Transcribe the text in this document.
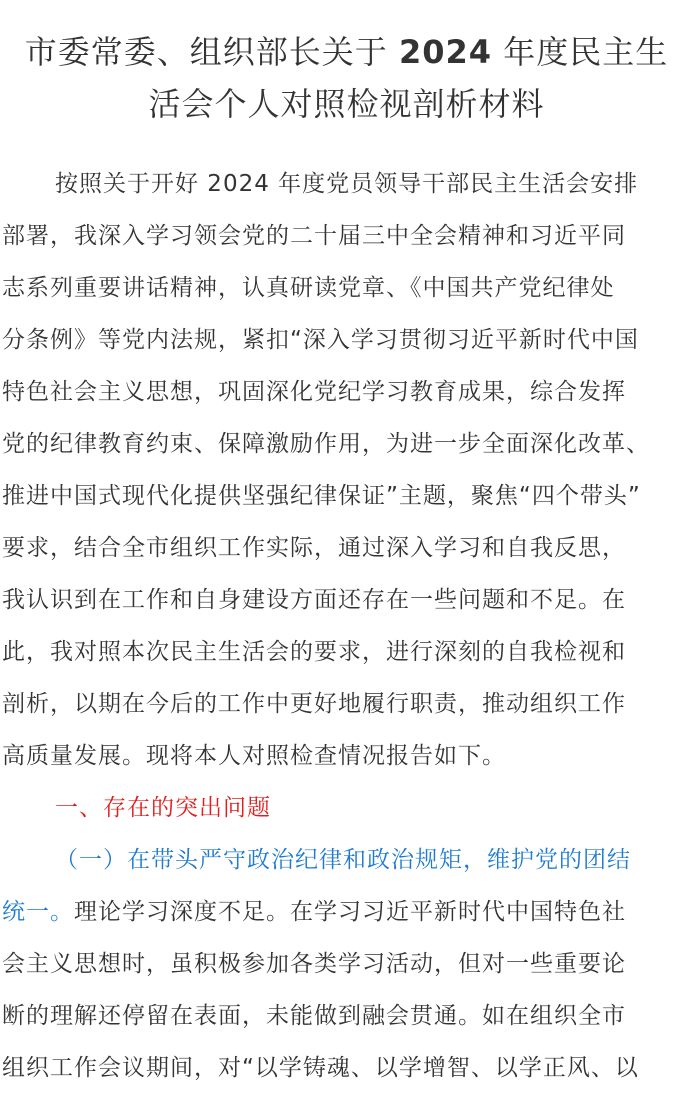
市委常委、组织部长关于 2024 年度民主生
活会个人对照检视剖析材料
按照关于开好 2024 年度党员领导干部民主生活会安排
部署，我深入学习领会党的二十届三中全会精神和习近平同
志系列重要讲话精神，认真研读党章、《中国共产党纪律处
分条例》等党内法规，紧扣“深入学习贯彻习近平新时代中国
特色社会主义思想，巩固深化党纪学习教育成果，综合发挥
党的纪律教育约束、保障激励作用，为进一步全面深化改革、
推进中国式现代化提供坚强纪律保证”主题，聚焦“四个带头”
要求，结合全市组织工作实际，通过深入学习和自我反思，
我认识到在工作和自身建设方面还存在一些问题和不足。在
此，我对照本次民主生活会的要求，进行深刻的自我检视和
剖析，以期在今后的工作中更好地履行职责，推动组织工作
高质量发展。现将本人对照检查情况报告如下。
一、存在的突出问题
（一）在带头严守政治纪律和政治规矩，维护党的团结
统一。理论学习深度不足。在学习习近平新时代中国特色社
会主义思想时，虽积极参加各类学习活动，但对一些重要论
断的理解还停留在表面，未能做到融会贯通。如在组织全市
组织工作会议期间，对“以学铸魂、以学增智、以学正风、以
